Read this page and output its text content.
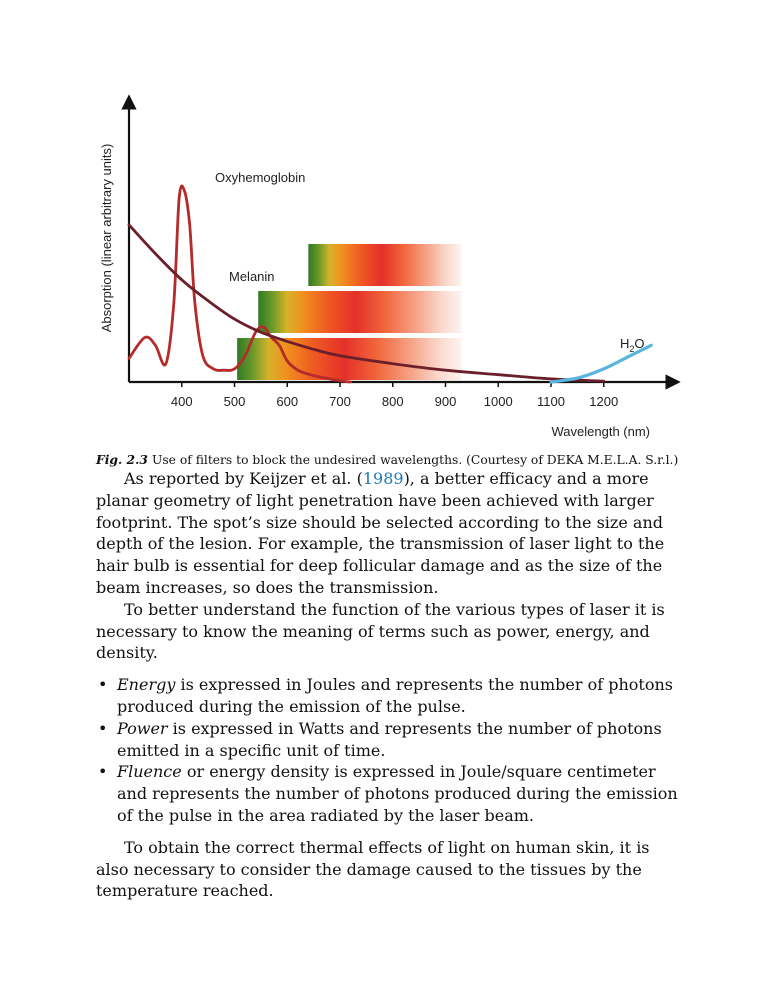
400 500 600 700 800 900 1000 1100 1200
Oxyhemoglobin
Melanin
$H_2O$
Wavelength (nm)
Absorption (linear arbitrary units)
Fig. 2.3 Use of filters to block the undesired wavelengths. (Courtesy of DEKA M.E.L.A. S.r.l.)

As reported by Keijzer et al. (1989), a better efficacy and a more planar geometry of light penetration have been achieved with larger footprint. The spot’s size should be selected according to the size and depth of the lesion. For example, the transmission of laser light to the hair bulb is essential for deep follicular damage and as the size of the beam increases, so does the transmission.

To better understand the function of the various types of laser it is necessary to know the meaning of terms such as power, energy, and density.

• Energy is expressed in Joules and represents the number of photons produced during the emission of the pulse.
• Power is expressed in Watts and represents the number of photons emitted in a specific unit of time.
• Fluence or energy density is expressed in Joule/square centimeter and represents the number of photons produced during the emission of the pulse in the area radiated by the laser beam.

To obtain the correct thermal effects of light on human skin, it is also necessary to consider the damage caused to the tissues by the temperature reached.
